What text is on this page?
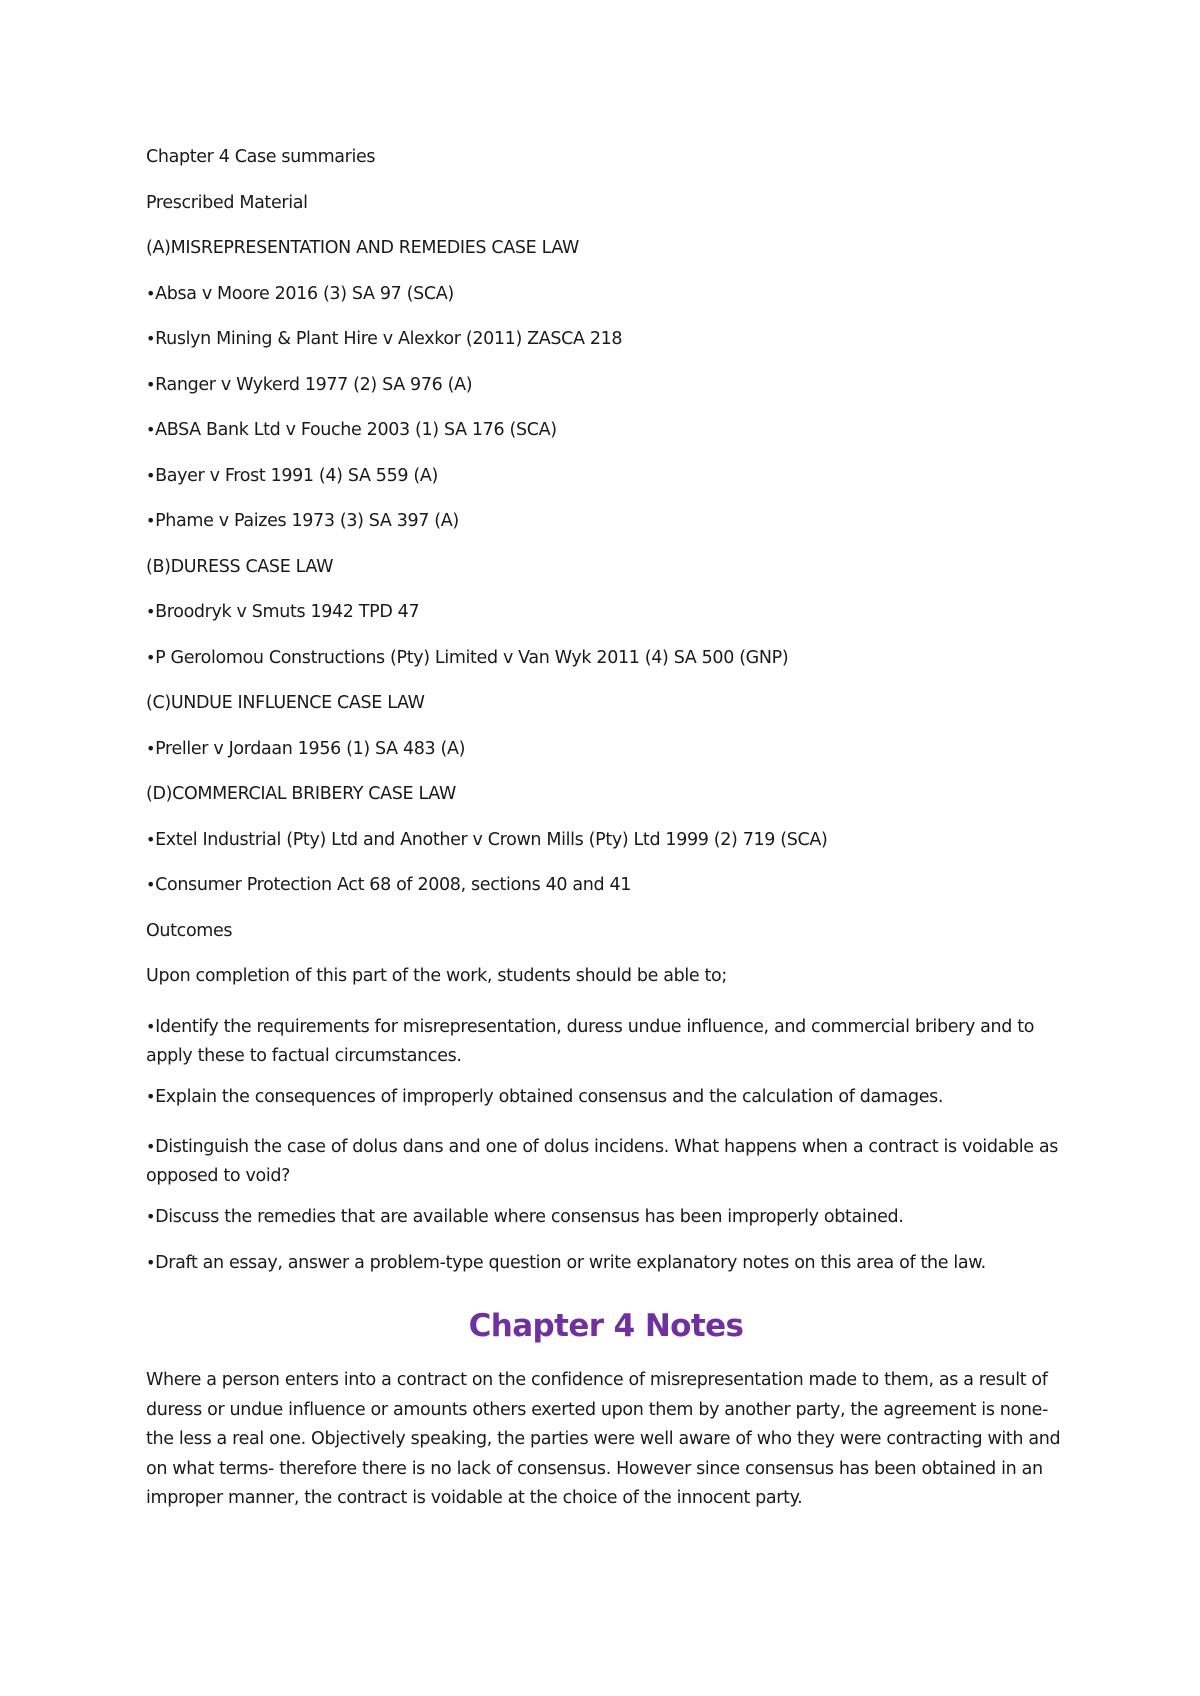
Chapter 4 Case summaries

Prescribed Material

(A)MISREPRESENTATION AND REMEDIES CASE LAW

•Absa v Moore 2016 (3) SA 97 (SCA)

•Ruslyn Mining & Plant Hire v Alexkor (2011) ZASCA 218

•Ranger v Wykerd 1977 (2) SA 976 (A)

•ABSA Bank Ltd v Fouche 2003 (1) SA 176 (SCA)

•Bayer v Frost 1991 (4) SA 559 (A)

•Phame v Paizes 1973 (3) SA 397 (A)

(B)DURESS CASE LAW

•Broodryk v Smuts 1942 TPD 47

•P Gerolomou Constructions (Pty) Limited v Van Wyk 2011 (4) SA 500 (GNP)

(C)UNDUE INFLUENCE CASE LAW

•Preller v Jordaan 1956 (1) SA 483 (A)

(D)COMMERCIAL BRIBERY CASE LAW

•Extel Industrial (Pty) Ltd and Another v Crown Mills (Pty) Ltd 1999 (2) 719 (SCA)

•Consumer Protection Act 68 of 2008, sections 40 and 41

Outcomes

Upon completion of this part of the work, students should be able to;

•Identify the requirements for misrepresentation, duress undue influence, and commercial bribery and to apply these to factual circumstances.

•Explain the consequences of improperly obtained consensus and the calculation of damages.

•Distinguish the case of dolus dans and one of dolus incidens. What happens when a contract is voidable as opposed to void?

•Discuss the remedies that are available where consensus has been improperly obtained.

•Draft an essay, answer a problem-type question or write explanatory notes on this area of the law.

Chapter 4 Notes

Where a person enters into a contract on the confidence of misrepresentation made to them, as a result of duress or undue influence or amounts others exerted upon them by another party, the agreement is none-the less a real one. Objectively speaking, the parties were well aware of who they were contracting with and on what terms- therefore there is no lack of consensus. However since consensus has been obtained in an improper manner, the contract is voidable at the choice of the innocent party.
